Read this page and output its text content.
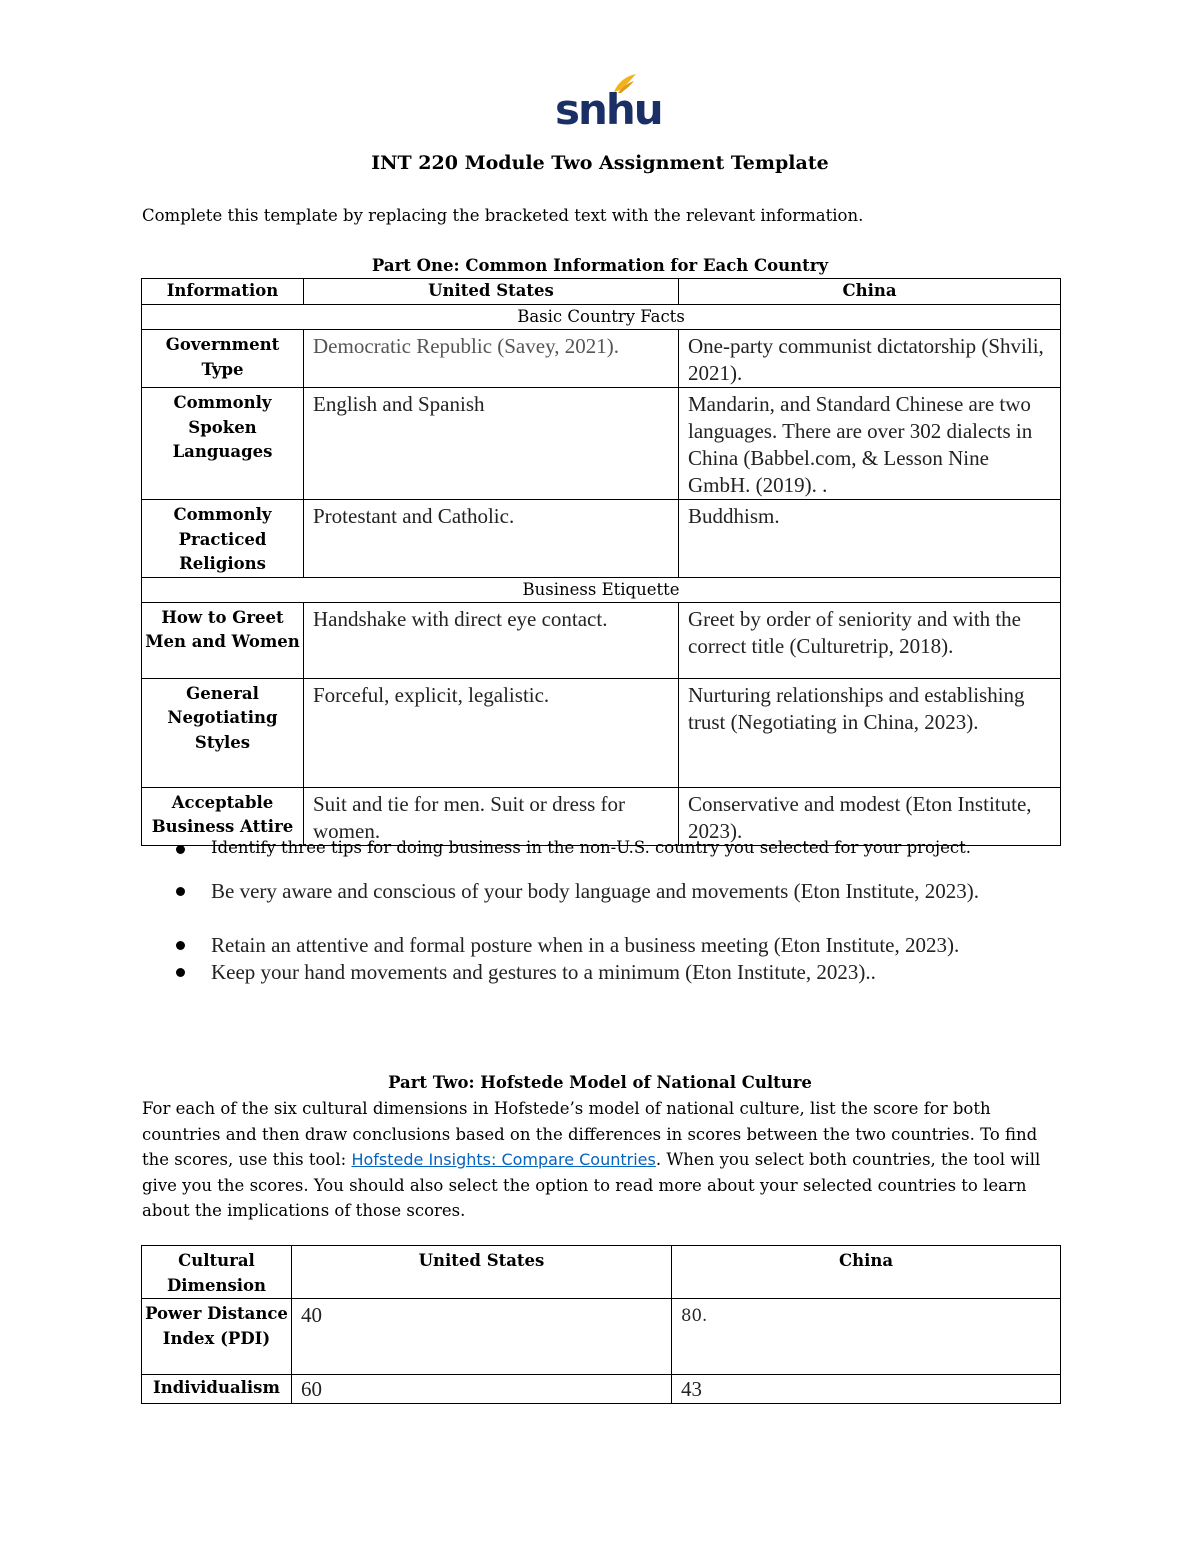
snhu
INT 220 Module Two Assignment Template
Complete this template by replacing the bracketed text with the relevant information.
Part One: Common Information for Each Country
Information	United States	China
Basic Country Facts		
Government Type	Democratic Republic (Savey, 2021).	One-party communist dictatorship (Shvili, 2021).
Commonly Spoken Languages	English and Spanish	Mandarin, and Standard Chinese are two languages. There are over 302 dialects in China (Babbel.com, & Lesson Nine GmbH. (2019). .
Commonly Practiced Religions	Protestant and Catholic.	Buddhism.
Business Etiquette		
How to Greet Men and Women	Handshake with direct eye contact.	Greet by order of seniority and with the correct title (Culturetrip, 2018).
General Negotiating Styles	Forceful, explicit, legalistic.	Nurturing relationships and establishing trust (Negotiating in China, 2023).
Acceptable Business Attire	Suit and tie for men. Suit or dress for women.	Conservative and modest (Eton Institute, 2023).
Identify three tips for doing business in the non-U.S. country you selected for your project.
Be very aware and conscious of your body language and movements (Eton Institute, 2023).
Retain an attentive and formal posture when in a business meeting (Eton Institute, 2023).
Keep your hand movements and gestures to a minimum (Eton Institute, 2023)..
Part Two: Hofstede Model of National Culture
For each of the six cultural dimensions in Hofstede’s model of national culture, list the score for both countries and then draw conclusions based on the differences in scores between the two countries. To find the scores, use this tool: Hofstede Insights: Compare Countries. When you select both countries, the tool will give you the scores. You should also select the option to read more about your selected countries to learn about the implications of those scores.
Cultural Dimension	United States	China
Power Distance Index (PDI)	40	80.
Individualism	60	43
